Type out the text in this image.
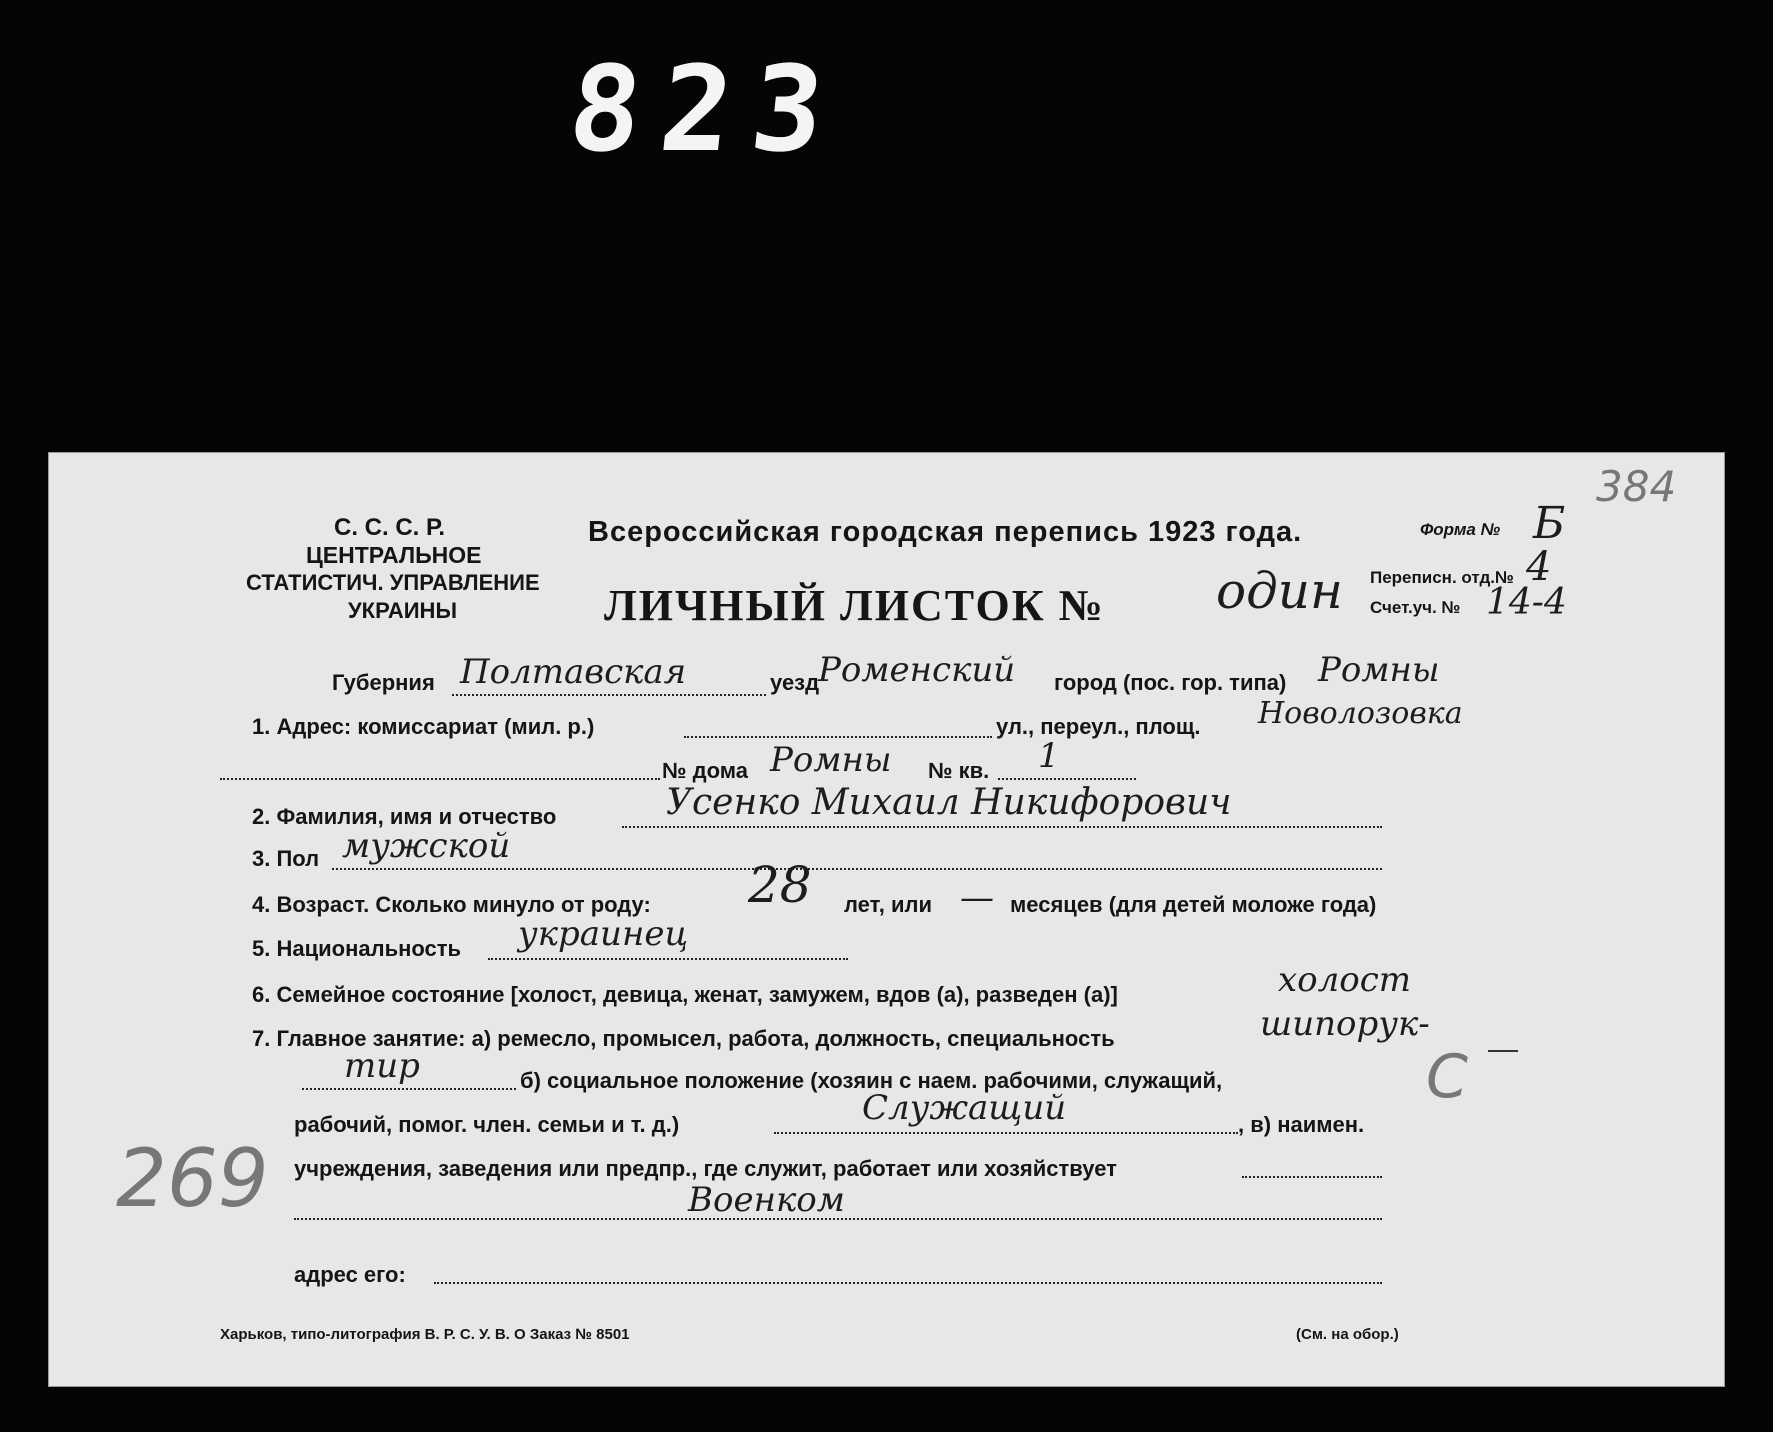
823
С. С. С. Р.
ЦЕНТРАЛЬНОЕ
СТАТИСТИЧ. УПРАВЛЕНИЕ
УКРАИНЫ
Всероссийская городская перепись 1923 года.	Форма № Б
384
ЛИЧНЫЙ ЛИСТОК № один Переписн. отд.№ 4
Счет.уч. № 14-4
Губерния Полтавская	уезд
Роменский город (пос. гор. типа) Ромны
1. Адрес: комиссариат (мил. р.)	ул., переул., площ. Новолозовка
№ дома Ромны № кв. 1
2. Фамилия, имя и отчество	Усенко Михаил Никифорович
3. Пол мужской
4. Возраст. Сколько минуло от роду: 28 лет, или — месяцев (для детей моложе года)
5. Национальность украинец
6. Семейное состояние [холост, девица, женат, замужем, вдов (а), разведен (а)]	холост
7. Главное занятие: а) ремесло, промысел, работа, должность, специальность	шипорук-
тир	б) социальное положение (хозяин с наем. рабочими, служащий,	С
рабочий, помог. член. семьи и т. д.)	Служащий	, в) наимен.
269 учреждения, заведения или предпр., где служит, работает или хозяйствует
Военком
адрес его:
Харьков, типо-литография В. Р. С. У. В. О Заказ № 8501	(См. на обор.)
